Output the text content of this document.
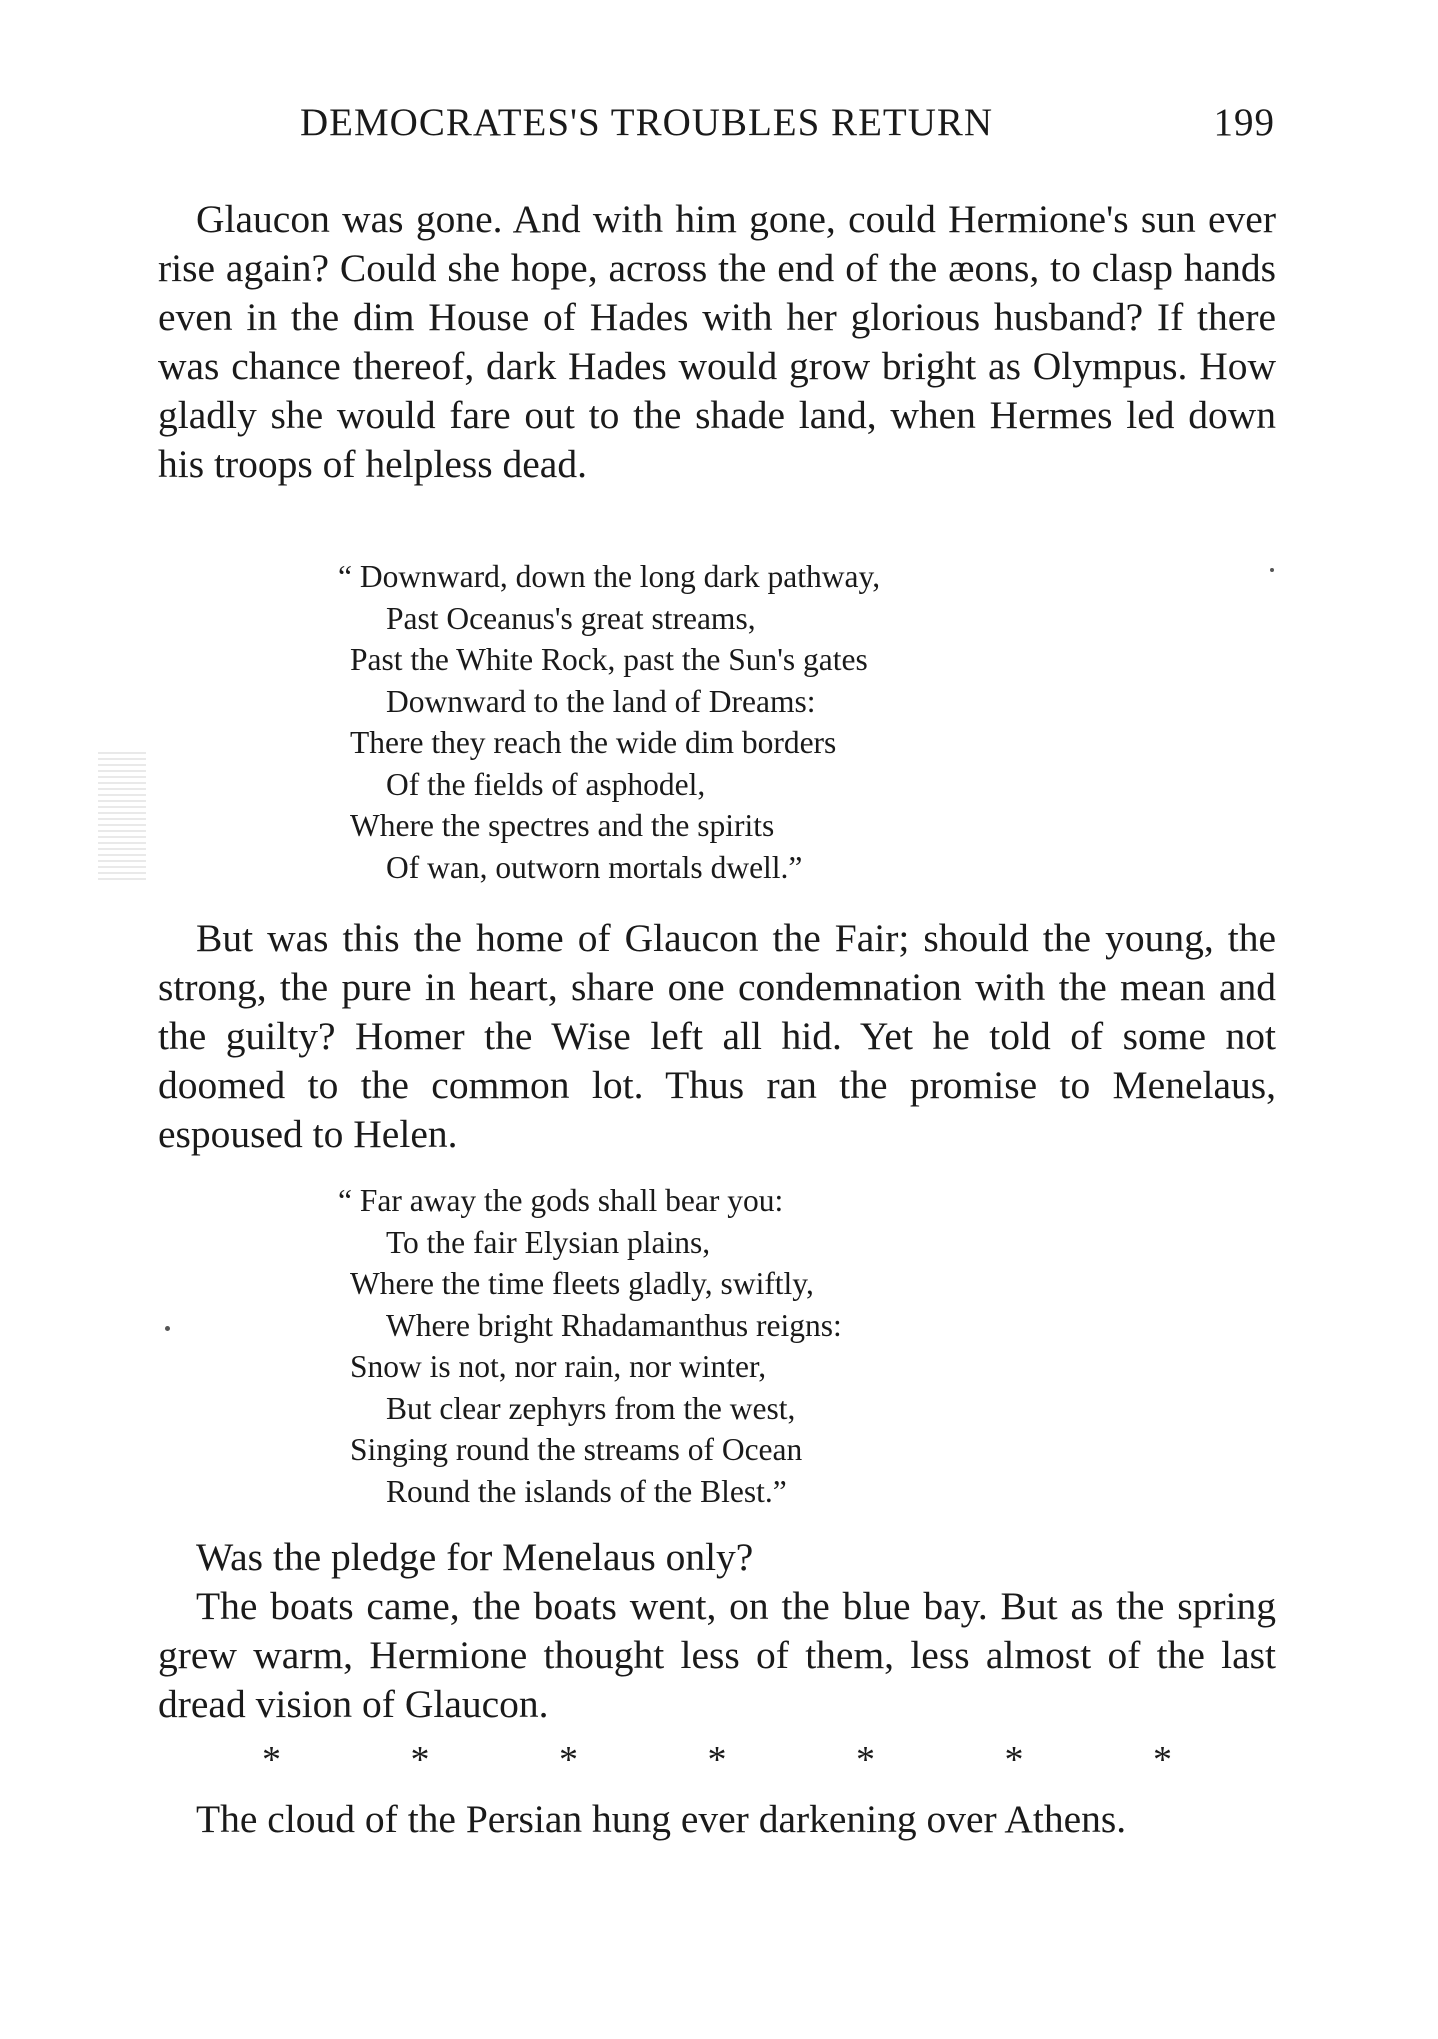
DEMOCRATES'S TROUBLES RETURN	199

Glaucon was gone. And with him gone, could Hermione's sun ever rise again? Could she hope, across the end of the æons, to clasp hands even in the dim House of Hades with her glorious husband? If there was chance thereof, dark Hades would grow bright as Olympus. How gladly she would fare out to the shade land, when Hermes led down his troops of helpless dead.

“ Downward, down the long dark pathway,
Past Oceanus's great streams,
Past the White Rock, past the Sun's gates
Downward to the land of Dreams:
There they reach the wide dim borders
Of the fields of asphodel,
Where the spectres and the spirits
Of wan, outworn mortals dwell.”

But was this the home of Glaucon the Fair; should the young, the strong, the pure in heart, share one condemnation with the mean and the guilty? Homer the Wise left all hid. Yet he told of some not doomed to the common lot. Thus ran the promise to Menelaus, espoused to Helen.

“ Far away the gods shall bear you:
To the fair Elysian plains,
Where the time fleets gladly, swiftly,
Where bright Rhadamanthus reigns:
Snow is not, nor rain, nor winter,
But clear zephyrs from the west,
Singing round the streams of Ocean
Round the islands of the Blest.”

Was the pledge for Menelaus only?

The boats came, the boats went, on the blue bay. But as the spring grew warm, Hermione thought less of them, less almost of the last dread vision of Glaucon.

*	*	*	*	*	*	*

The cloud of the Persian hung ever darkening over Athens.
